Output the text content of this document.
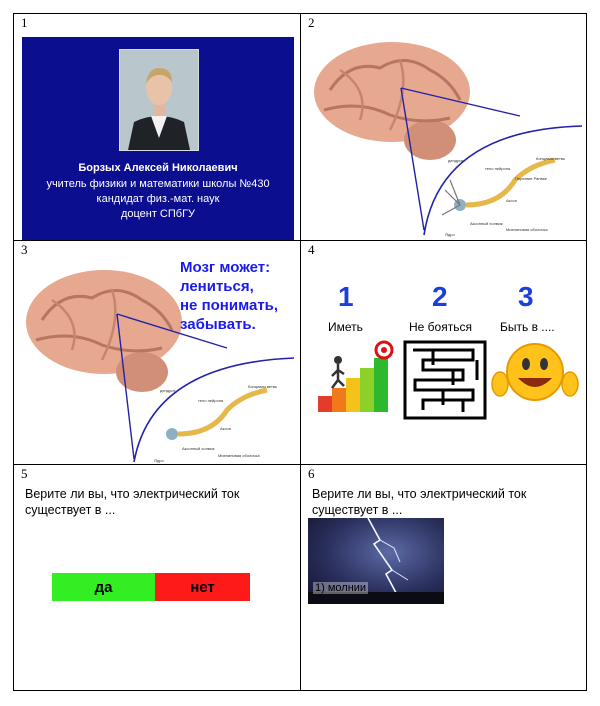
1	2
3	4
5	6
Борзых Алексей Николаевич
учитель физики и математики школы №430
кандидат физ.-мат. наук
доцент СПбГУ
дендрит
тело нейрона
Перехват Ранвье
Концевая ветвь
Аксон
Аксонный холмик
Миелиновая оболочка
Ядро
дендрит
тело нейрона
Концевая ветвь
Аксон
Аксонный холмик
Миелиновая оболочка
Ядро
Мозг может:
лениться,
не понимать,
забывать.
1	2	3
Иметь	Не бояться Быть в ....
Верите ли вы, что электрический ток существует в ...
да	нет
Верите ли вы, что электрический ток существует в ...
1) молнии
